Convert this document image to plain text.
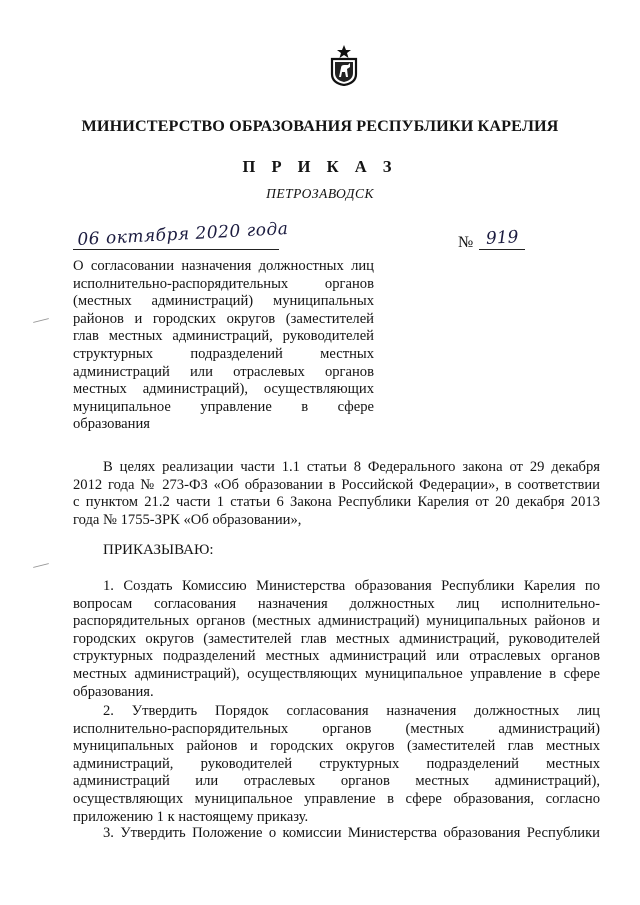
МИНИСТЕРСТВО ОБРАЗОВАНИЯ РЕСПУБЛИКИ КАРЕЛИЯ
П Р И К А З
ПЕТРОЗАВОДСК
06 октября 2020 года	№ 919
О согласовании назначения должностных лиц
исполнительно-распорядительных органов
(местных администраций) муниципальных
районов и городских округов (заместителей
глав местных администраций, руководителей
структурных подразделений местных
администраций или отраслевых органов
местных администраций), осуществляющих
муниципальное управление в сфере
образования
В целях реализации части 1.1 статьи 8 Федерального закона от 29 декабря
2012 года № 273-ФЗ «Об образовании в Российской Федерации», в соответствии
с пунктом 21.2 части 1 статьи 6 Закона Республики Карелия от 20 декабря 2013
года № 1755-ЗРК «Об образовании»,
ПРИКАЗЫВАЮ:
1. Создать Комиссию Министерства образования Республики Карелия по
вопросам согласования назначения должностных лиц исполнительно-
распорядительных органов (местных администраций) муниципальных районов и
городских округов (заместителей глав местных администраций, руководителей
структурных подразделений местных администраций или отраслевых органов
местных администраций), осуществляющих муниципальное управление в сфере
образования.
2. Утвердить Порядок согласования назначения должностных лиц
исполнительно-распорядительных органов (местных администраций)
муниципальных районов и городских округов (заместителей глав местных
администраций, руководителей структурных подразделений местных
администраций или отраслевых органов местных администраций),
осуществляющих муниципальное управление в сфере образования, согласно
приложению 1 к настоящему приказу.
3. Утвердить Положение о комиссии Министерства образования Республики
